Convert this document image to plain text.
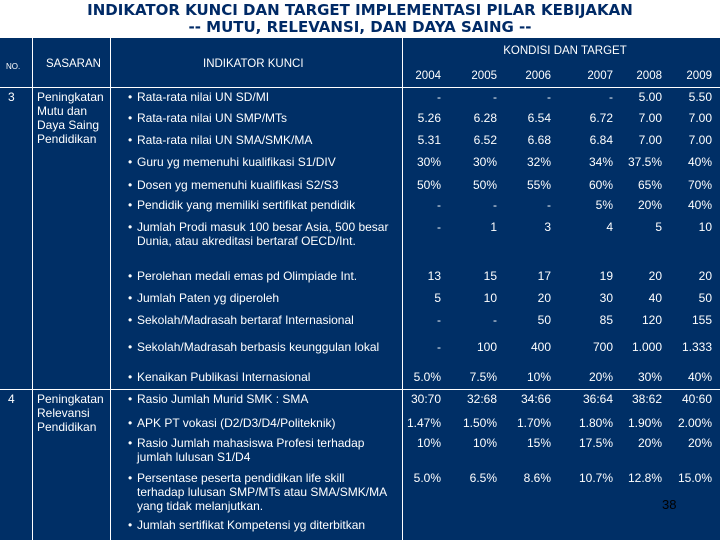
INDIKATOR KUNCI DAN TARGET IMPLEMENTASI PILAR KEBIJAKAN
-- MUTU, RELEVANSI, DAN DAYA SAING --
NO. SASARAN	INDIKATOR KUNCI
KONDISI DAN TARGET
2004	2005	2006	2007	2008	2009
3 Peningkatan Mutu dan Daya Saing Pendidikan
• Rata-rata nilai UN SD/MI	-	-	-	-	5.00	5.50
• Rata-rata nilai UN SMP/MTs	5.26	6.28	6.54	6.72	7.00	7.00
• Rata-rata nilai UN SMA/SMK/MA	5.31	6.52	6.68	6.84	7.00	7.00
• Guru yg memenuhi kualifikasi S1/DIV	30%	30%	32%	34%	37.5%	40%
• Dosen yg memenuhi kualifikasi S2/S3	50%	50%	55%	60%	65%	70%
• Pendidik yang memiliki sertifikat pendidik	-	-	-	5%	20%	40%
• Jumlah Prodi masuk 100 besar Asia, 500 besar Dunia, atau akreditasi bertaraf OECD/Int.
-	1	3	4	5	10
• Perolehan medali emas pd Olimpiade Int.	13	15	17	19	20	20
• Jumlah Paten yg diperoleh	5	10	20	30	40	50
• Sekolah/Madrasah bertaraf Internasional	-	-	50	85	120	155
• Sekolah/Madrasah berbasis keunggulan lokal	-	100	400	700	1.000	1.333
• Kenaikan Publikasi Internasional	5.0%	7.5%	10%	20%	30%	40%
4 Peningkatan Relevansi Pendidikan
• Rasio Jumlah Murid SMK : SMA	30:70	32:68	34:66	36:64	38:62	40:60
• APK PT vokasi (D2/D3/D4/Politeknik)	1.47%	1.50%	1.70%	1.80%	1.90%	2.00%
• Rasio Jumlah mahasiswa Profesi terhadap jumlah lulusan S1/D4
10%	10%	15%	17.5%	20%	20%
• Persentase peserta pendidikan life skill terhadap lulusan SMP/MTs atau SMA/SMK/MA yang tidak melanjutkan.
5.0%	6.5%	8.6%	10.7%	12.8%	15.0%
• Jumlah sertifikat Kompetensi yg diterbitkan
38
